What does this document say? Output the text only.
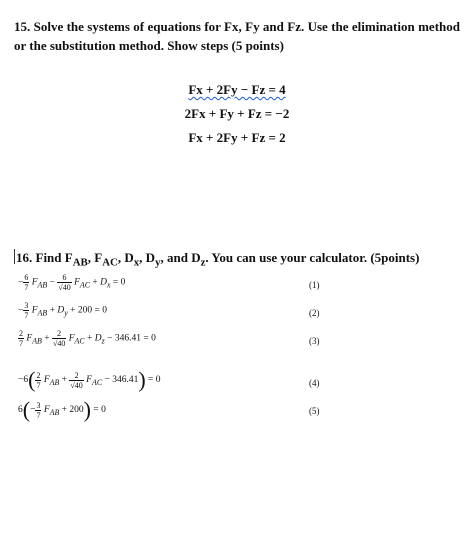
15. Solve the systems of equations for Fx, Fy and Fz. Use the elimination method or the substitution method. Show steps (5 points)
Fx + 2Fy − Fz = 4
2Fx + Fy + Fz = −2
Fx + 2Fy + Fz = 2
16. Find $F_{AB}$, $F_{AC}$, $D_x$, $D_y$, and $D_z$. You can use your calculator. (5points)
− $\frac{6}{7} F_{AB} - \frac{6}{√40} F_{AC} + D_x = 0$	(1)
− $\frac{3}{7} F_{AB} + D_y + 200 = 0$	(2)
$\frac{2}{7} F_{AB} + \frac{2}{√40} F_{AC} + D_z - 346.41 = 0$	(3)
$-6( \frac{2}{7} F_{AB} + \frac{2}{√40} F_{AC} - 346.41) = 0$	(4)
$6(- \frac{3}{7} F_{AB} + 200) = 0$	(5)
